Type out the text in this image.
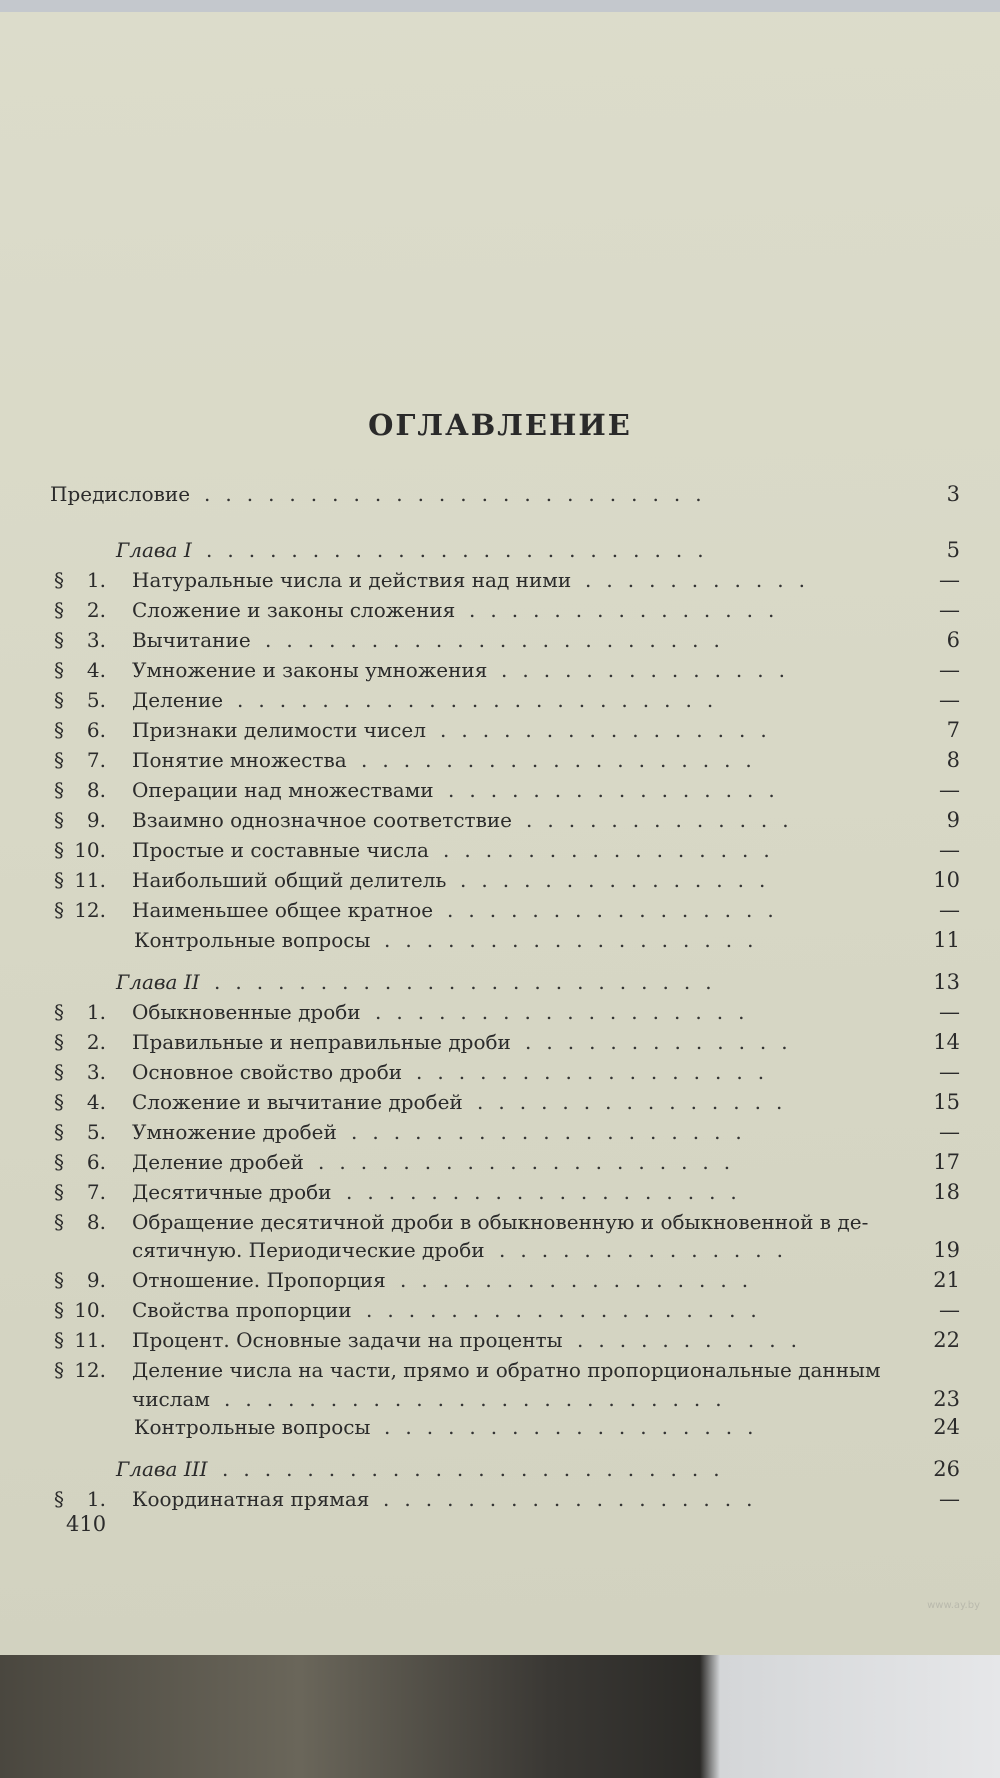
ОГЛАВЛЕНИЕ
Предисловие	3
........................
Глава I	5
........................
§	1. Натуральные числа и действия над ними	—
...........
§	2. Сложение и законы сложения	—
...............
§	3. Вычитание	6
......................
§	4. Умножение и законы умножения	—
..............
§	5. Деление	—
.......................
§	6. Признаки делимости чисел	7
................
§	7. Понятие множества	8
...................
§	8. Операции над множествами	—
................
§	9. Взаимно однозначное соответствие	9
.............
§ 10. Простые и составные числа	—
................
§ 11. Наибольший общий делитель	10
...............
§ 12. Наименьшее общее кратное	—
................
Контрольные вопросы	11
..................
Глава II	13
........................
§	1. Обыкновенные дроби	—
..................
§	2. Правильные и неправильные дроби	14
.............
§	3. Основное свойство дроби	—
.................
§	4. Сложение и вычитание дробей	15
...............
§	5. Умножение дробей	—
...................
§	6. Деление дробей	17
....................
§	7. Десятичные дроби	18
...................
§	8. Обращение десятичной дроби в обыкновенную и обыкновенной в де-
сятичную. Периодические дроби	19
..............
§	9. Отношение. Пропорция	21
.................
§ 10. Свойства пропорции	—
...................
§ 11. Процент. Основные задачи на проценты	22
...........
§ 12. Деление числа на части, прямо и обратно пропорциональные данным
числам	23
........................
Контрольные вопросы	24
..................
Глава III	26
........................
§	1. Координатная прямая	—
..................
410
www.ay.by
